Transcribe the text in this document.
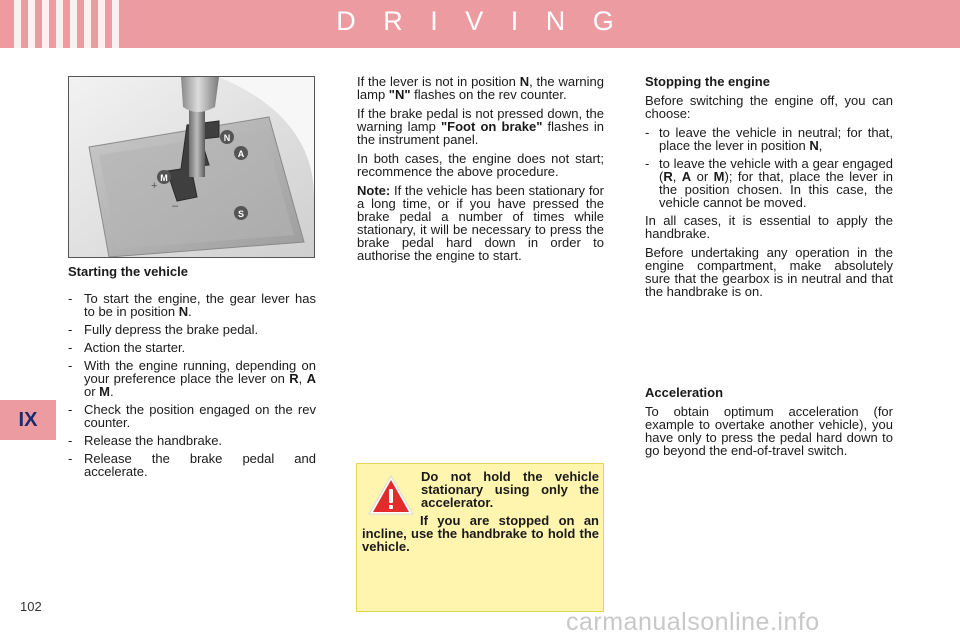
D R I V I N G
IX
102
N
A
M
S
+
–
Starting the vehicle
- To start the engine, the gear lever has to be in position N.
- Fully depress the brake pedal.
- Action the starter.
- With the engine running, depending on your preference place the lever on R, A or M.
- Check the position engaged on the rev counter.
- Release the handbrake.
- Release the brake pedal and accelerate.

If the lever is not in position N, the warning lamp "N" flashes on the rev counter.

If the brake pedal is not pressed down, the warning lamp "Foot on brake" flashes in the instrument panel.

In both cases, the engine does not start; recommence the above procedure.

Note: If the vehicle has been stationary for a long time, or if you have pressed the brake pedal a number of times while stationary, it will be necessary to press the brake pedal hard down in order to authorise the engine to start.

Do not hold the vehicle stationary using only the accelerator.
If you are stopped on an incline, use the handbrake to hold the vehicle.
Stopping the engine

Before switching the engine off, you can choose:

- to leave the vehicle in neutral; for that, place the lever in position N,
- to leave the vehicle with a gear engaged (R, A or M); for that, place the lever in the position chosen. In this case, the vehicle cannot be moved.

In all cases, it is essential to apply the handbrake.

Before undertaking any operation in the engine compartment, make absolutely sure that the gearbox is in neutral and that the handbrake is on.

Acceleration

To obtain optimum acceleration (for example to overtake another vehicle), you have only to press the pedal hard down to go beyond the end-of-travel switch.

carmanualsonline.info
